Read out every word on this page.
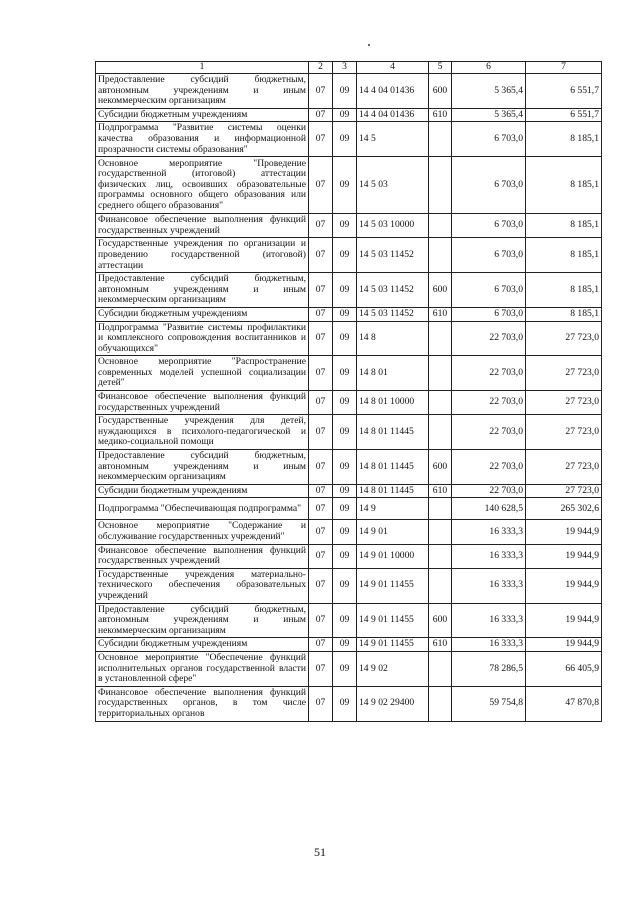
1	2	3	4	5	6	7
Предоставление субсидий бюджетным, автономным учреждениям и иным некоммерческим организациям	07	09	14 4 04 01436	600	5 365,4	6 551,7
Субсидии бюджетным учреждениям	07	09	14 4 04 01436	610	5 365,4	6 551,7
Подпрограмма "Развитие системы оценки качества образования и информационной прозрачности системы образования"	07	09	14 5		6 703,0	8 185,1
Основное мероприятие "Проведение государственной (итоговой) аттестации физических лиц, освоивших образовательные программы основного общего образования или среднего общего образования"	07	09	14 5 03		6 703,0	8 185,1
Финансовое обеспечение выполнения функций государственных учреждений	07	09	14 5 03 10000		6 703,0	8 185,1
Государственные учреждения по организации и проведению государственной (итоговой) аттестации	07	09	14 5 03 11452		6 703,0	8 185,1
Предоставление субсидий бюджетным, автономным учреждениям и иным некоммерческим организациям	07	09	14 5 03 11452	600	6 703,0	8 185,1
Субсидии бюджетным учреждениям	07	09	14 5 03 11452	610	6 703,0	8 185,1
Подпрограмма "Развитие системы профилактики и комплексного сопровождения воспитанников и обучающихся"	07	09	14 8		22 703,0	27 723,0
Основное мероприятие "Распространение современных моделей успешной социализации детей"	07	09	14 8 01		22 703,0	27 723,0
Финансовое обеспечение выполнения функций государственных учреждений	07	09	14 8 01 10000		22 703,0	27 723,0
Государственные учреждения для детей, нуждающихся в психолого-педагогической и медико-социальной помощи	07	09	14 8 01 11445		22 703,0	27 723,0
Предоставление субсидий бюджетным, автономным учреждениям и иным некоммерческим организациям	07	09	14 8 01 11445	600	22 703,0	27 723,0
Субсидии бюджетным учреждениям	07	09	14 8 01 11445	610	22 703,0	27 723,0
Подпрограмма "Обеспечивающая подпрограмма"	07	09	14 9		140 628,5	265 302,6
Основное мероприятие "Содержание и обслуживание государственных учреждений"	07	09	14 9 01		16 333,3	19 944,9
Финансовое обеспечение выполнения функций государственных учреждений	07	09	14 9 01 10000		16 333,3	19 944,9
Государственные учреждения материально-технического обеспечения образовательных учреждений	07	09	14 9 01 11455		16 333,3	19 944,9
Предоставление субсидий бюджетным, автономным учреждениям и иным некоммерческим организациям	07	09	14 9 01 11455	600	16 333,3	19 944,9
Субсидии бюджетным учреждениям	07	09	14 9 01 11455	610	16 333,3	19 944,9
Основное мероприятие "Обеспечение функций исполнительных органов государственной власти в установленной сфере"	07	09	14 9 02		78 286,5	66 405,9
Финансовое обеспечение выполнения функций государственных органов, в том числе территориальных органов	07	09	14 9 02 29400		59 754,8	47 870,8
51
